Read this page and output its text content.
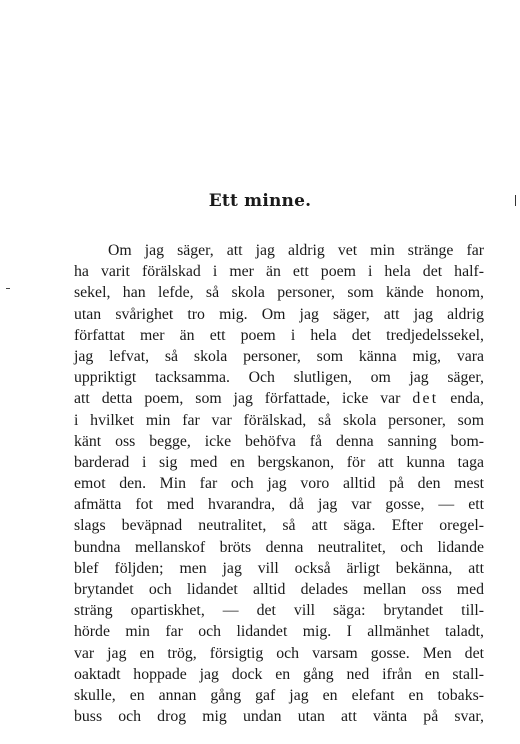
Ett minne.
Om jag säger, att jag aldrig vet min stränge far
ha varit förälskad i mer än ett poem i hela det half-
sekel, han lefde, så skola personer, som kände honom,
utan svårighet tro mig. Om jag säger, att jag aldrig
författat mer än ett poem i hela det tredjedelssekel,
jag lefvat, så skola personer, som känna mig, vara
uppriktigt tacksamma. Och slutligen, om jag säger,
att detta poem, som jag författade, icke var det enda,
i hvilket min far var förälskad, så skola personer, som
känt oss begge, icke behöfva få denna sanning bom-
barderad i sig med en bergskanon, för att kunna taga
emot den. Min far och jag voro alltid på den mest
afmätta fot med hvarandra, då jag var gosse, — ett
slags beväpnad neutralitet, så att säga. Efter oregel-
bundna mellanskof bröts denna neutralitet, och lidande
blef följden; men jag vill också ärligt bekänna, att
brytandet och lidandet alltid delades mellan oss med
sträng opartiskhet, — det vill säga: brytandet till-
hörde min far och lidandet mig. I allmänhet taladt,
var jag en trög, försigtig och varsam gosse. Men det
oaktadt hoppade jag dock en gång ned ifrån en stall-
skulle, en annan gång gaf jag en elefant en tobaks-
buss och drog mig undan utan att vänta på svar,
